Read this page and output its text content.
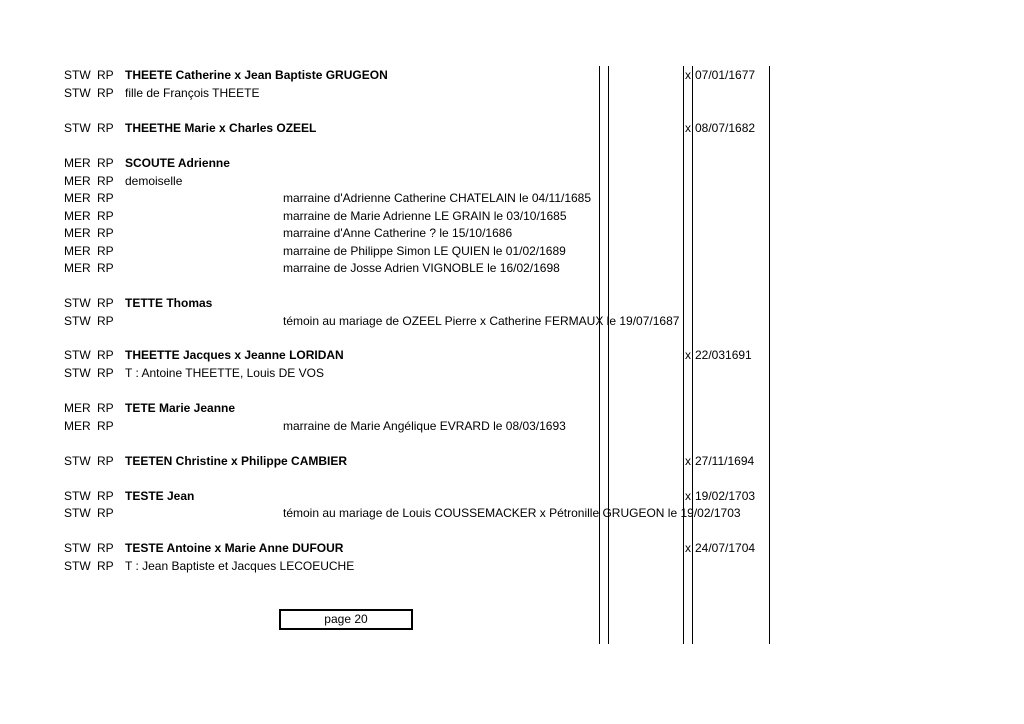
STW RP THEETE Catherine x Jean Baptiste GRUGEON	x 07/01/1677
STW RP fille de François THEETE
STW RP THEETHE Marie x Charles OZEEL	x 08/07/1682
MER RP SCOUTE Adrienne
MER RP demoiselle
MER RP	marraine d'Adrienne Catherine CHATELAIN le 04/11/1685
MER RP	marraine de Marie Adrienne LE GRAIN le 03/10/1685
MER RP	marraine d'Anne Catherine ? le 15/10/1686
MER RP	marraine de Philippe Simon LE QUIEN le 01/02/1689
MER RP	marraine de Josse Adrien VIGNOBLE le 16/02/1698
STW RP TETTE Thomas
STW RP	témoin au mariage de OZEEL Pierre x Catherine FERMAUX le 19/07/1687
STW RP THEETTE Jacques x Jeanne LORIDAN	x 22/031691
STW RP T : Antoine THEETTE, Louis DE VOS
MER RP TETE Marie Jeanne
MER RP	marraine de Marie Angélique EVRARD le 08/03/1693
STW RP TEETEN Christine x Philippe CAMBIER	x 27/11/1694
STW RP TESTE Jean	x 19/02/1703
STW RP	témoin au mariage de Louis COUSSEMACKER x Pétronille GRUGEON le 19/02/1703
STW RP TESTE Antoine x Marie Anne DUFOUR	x 24/07/1704
STW RP T : Jean Baptiste et Jacques LECOEUCHE
page 20
